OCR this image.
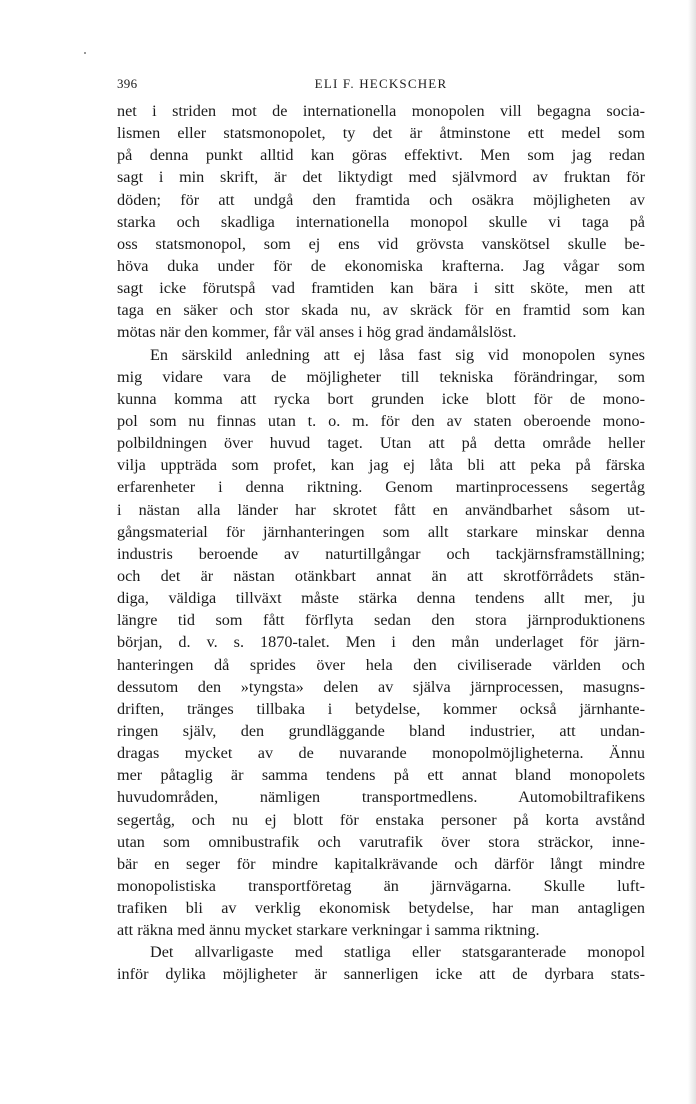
396	ELI F. HECKSCHER
net i striden mot de internationella monopolen vill begagna socia-
lismen eller statsmonopolet, ty det är åtminstone ett medel som
på denna punkt alltid kan göras effektivt. Men som jag redan
sagt i min skrift, är det liktydigt med självmord av fruktan för
döden; för att undgå den framtida och osäkra möjligheten av
starka och skadliga internationella monopol skulle vi taga på
oss statsmonopol, som ej ens vid grövsta vanskötsel skulle be-
höva duka under för de ekonomiska krafterna. Jag vågar som
sagt icke förutspå vad framtiden kan bära i sitt sköte, men att
taga en säker och stor skada nu, av skräck för en framtid som kan
mötas när den kommer, får väl anses i hög grad ändamålslöst.
En särskild anledning att ej låsa fast sig vid monopolen synes
mig vidare vara de möjligheter till tekniska förändringar, som
kunna komma att rycka bort grunden icke blott för de mono-
pol som nu finnas utan t. o. m. för den av staten oberoende mono-
polbildningen över huvud taget. Utan att på detta område heller
vilja uppträda som profet, kan jag ej låta bli att peka på färska
erfarenheter i denna riktning. Genom martinprocessens segertåg
i nästan alla länder har skrotet fått en användbarhet såsom ut-
gångsmaterial för järnhanteringen som allt starkare minskar denna
industris beroende av naturtillgångar och tackjärnsframställning;
och det är nästan otänkbart annat än att skrotförrådets stän-
diga, väldiga tillväxt måste stärka denna tendens allt mer, ju
längre tid som fått förflyta sedan den stora järnproduktionens
början, d. v. s. 1870-talet. Men i den mån underlaget för järn-
hanteringen då sprides över hela den civiliserade världen och
dessutom den »tyngsta» delen av själva järnprocessen, masugns-
driften, tränges tillbaka i betydelse, kommer också järnhante-
ringen själv, den grundläggande bland industrier, att undan-
dragas mycket av de nuvarande monopolmöjligheterna. Ännu
mer påtaglig är samma tendens på ett annat bland monopolets
huvudområden, nämligen transportmedlens. Automobiltrafikens
segertåg, och nu ej blott för enstaka personer på korta avstånd
utan som omnibustrafik och varutrafik över stora sträckor, inne-
bär en seger för mindre kapitalkrävande och därför långt mindre
monopolistiska transportföretag än järnvägarna. Skulle luft-
trafiken bli av verklig ekonomisk betydelse, har man antagligen
att räkna med ännu mycket starkare verkningar i samma riktning.
Det allvarligaste med statliga eller statsgaranterade monopol
inför dylika möjligheter är sannerligen icke att de dyrbara stats-
